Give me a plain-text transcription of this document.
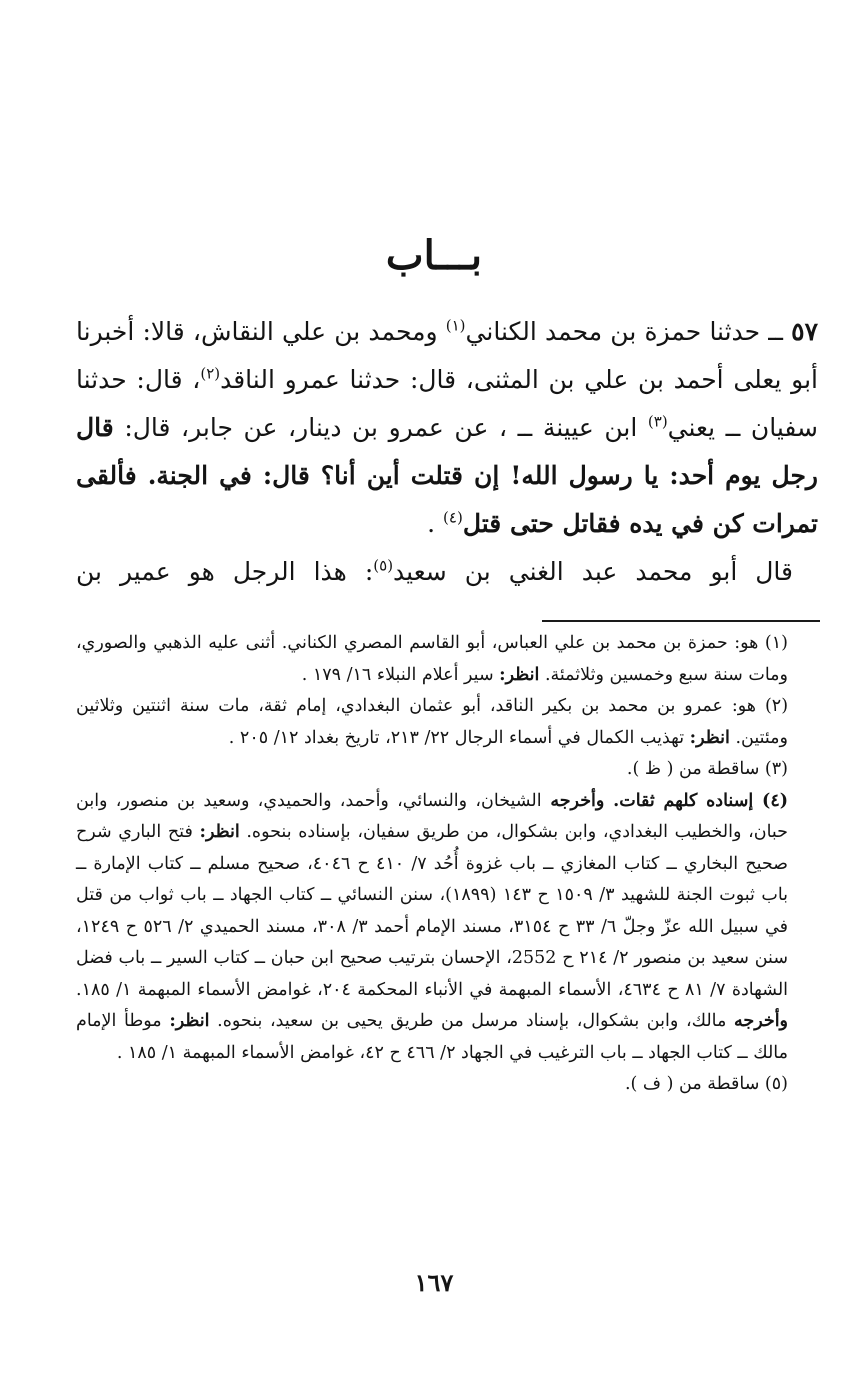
بـــاب

٥٧ ــ حدثنا حمزة بن محمد الكناني$^{(١)}$ ومحمد بن علي النقاش، قالا: أخبرنا أبو يعلى أحمد بن علي بن المثنى، قال: حدثنا عمرو الناقد$^{(٢)}$، قال: حدثنا سفيان ــ يعني$^{(٣)}$ ابن عيينة ــ ، عن عمرو بن دينار، عن جابر، قال: قال رجل يوم أحد: يا رسول الله! إن قتلت أين أنا؟ قال: في الجنة. فألقى تمرات كن في يده فقاتل حتى قتل$^{(٤)}$ .

 قال أبو محمد عبد الغني بن سعيد$^{(٥)}$: هذا الرجل هو عمير بن

(١) هو: حمزة بن محمد بن علي العباس، أبو القاسم المصري الكناني. أثنى عليه الذهبي والصوري، ومات سنة سبع وخمسين وثلاثمئة. انظر: سير أعلام النبلاء ١٦/ ١٧٩ .

(٢) هو: عمرو بن محمد بن بكير الناقد، أبو عثمان البغدادي، إمام ثقة، مات سنة اثنتين وثلاثين ومئتين. انظر: تهذيب الكمال في أسماء الرجال ٢٢/ ٢١٣، تاريخ بغداد ١٢/ ٢٠٥ .

(٣) ساقطة من ( ظ ).

(٤) إسناده كلهم ثقات. وأخرجه الشيخان، والنسائي، وأحمد، والحميدي، وسعيد بن منصور، وابن حبان، والخطيب البغدادي، وابن بشكوال، من طريق سفيان، بإسناده بنحوه. انظر: فتح الباري شرح صحيح البخاري ــ كتاب المغازي ــ باب غزوة أُحُد ٧/ ٤١٠ ح ٤٠٤٦، صحيح مسلم ــ كتاب الإمارة ــ باب ثبوت الجنة للشهيد ٣/ ١٥٠٩ ح ١٤٣ (١٨٩٩)، سنن النسائي ــ كتاب الجهاد ــ باب ثواب من قتل في سبيل الله عزّ وجلّ ٦/ ٣٣ ح ٣١٥٤، مسند الإمام أحمد ٣/ ٣٠٨، مسند الحميدي ٢/ ٥٢٦ ح ١٢٤٩، سنن سعيد بن منصور ٢/ ٢١٤ ح 2552، الإحسان بترتيب صحيح ابن حبان ــ كتاب السير ــ باب فضل الشهادة ٧/ ٨١ ح ٤٦٣٤، الأسماء المبهمة في الأنباء المحكمة ٢٠٤، غوامض الأسماء المبهمة ١/ ١٨٥. وأخرجه مالك، وابن بشكوال، بإسناد مرسل من طريق يحيى بن سعيد، بنحوه. انظر: موطأ الإمام مالك ــ كتاب الجهاد ــ باب الترغيب في الجهاد ٢/ ٤٦٦ ح ٤٢، غوامض الأسماء المبهمة ١/ ١٨٥ .

(٥) ساقطة من ( ف ).

١٦٧
